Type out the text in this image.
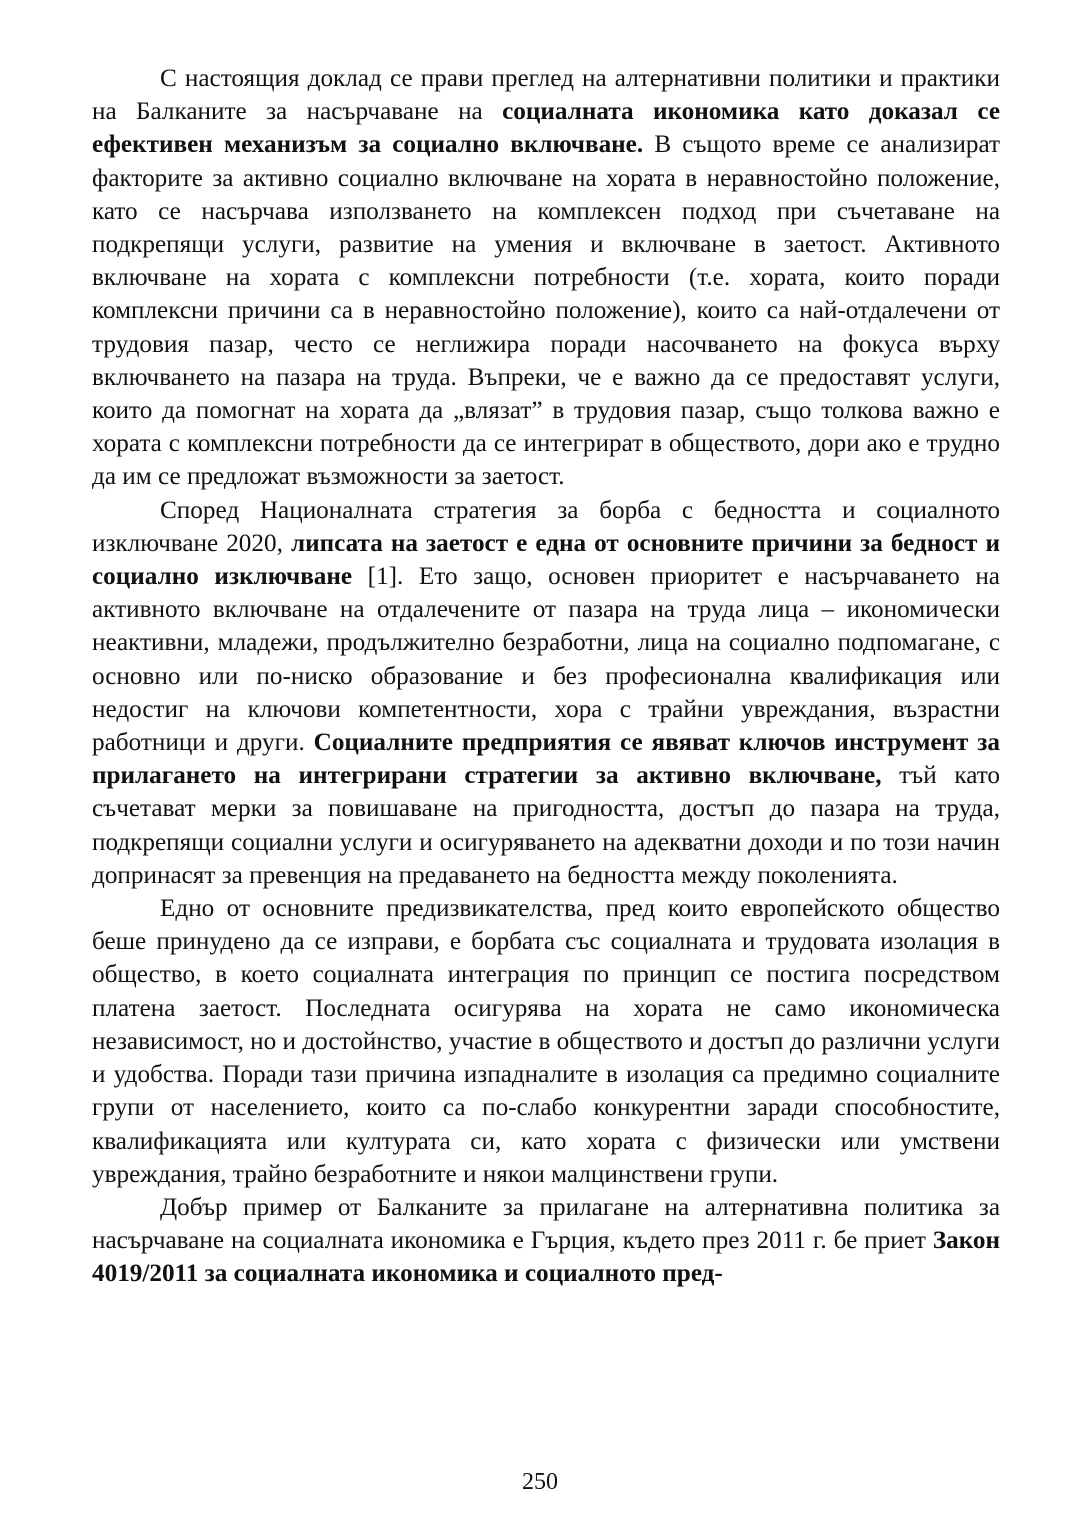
С настоящия доклад се прави преглед на алтернативни политики и практики на Балканите за насърчаване на социалната икономика като доказал се ефективен механизъм за социално включване. В същото време се анализират факторите за активно социално включване на хората в неравностойно положение, като се насърчава използването на комплексен подход при съчетаване на подкрепящи услуги, развитие на умения и включване в заетост. Активното включване на хората с комплексни потребности (т.е. хората, които поради комплексни причини са в неравностойно положение), които са най-отдалечени от трудовия пазар, често се неглижира поради насочването на фокуса върху включването на пазара на труда. Въпреки, че е важно да се предоставят услуги, които да помогнат на хората да „влязат” в трудовия пазар, също толкова важно е хората с комплексни потребности да се интегрират в обществото, дори ако е трудно да им се предложат възможности за заетост.

Според Националната стратегия за борба с бедността и социалното изключване 2020, липсата на заетост е една от основните причини за бедност и социално изключване [1]. Ето защо, основен приоритет е насърчаването на активното включване на отдалечените от пазара на труда лица – икономически неактивни, младежи, продължително безработни, лица на социално подпомагане, с основно или по-ниско образование и без професионална квалификация или недостиг на ключови компетентности, хора с трайни увреждания, възрастни работници и други. Социалните предприятия се явяват ключов инструмент за прилагането на интегрирани стратегии за активно включване, тъй като съчетават мерки за повишаване на пригодността, достъп до пазара на труда, подкрепящи социални услуги и осигуряването на адекватни доходи и по този начин допринасят за превенция на предаването на бедността между поколенията.

Едно от основните предизвикателства, пред които европейското общество беше принудено да се изправи, е борбата със социалната и трудовата изолация в общество, в което социалната интеграция по принцип се постига посредством платена заетост. Последната осигурява на хората не само икономическа независимост, но и достойнство, участие в обществото и достъп до различни услуги и удобства. Поради тази причина изпадналите в изолация са предимно социалните групи от населението, които са по-слабо конкурентни заради способностите, квалификацията или културата си, като хората с физически или умствени увреждания, трайно безработните и някои малцинствени групи.

Добър пример от Балканите за прилагане на алтернативна политика за насърчаване на социалната икономика е Гърция, където през 2011 г. бе приет Закон 4019/2011 за социалната икономика и социалното пред-

250
